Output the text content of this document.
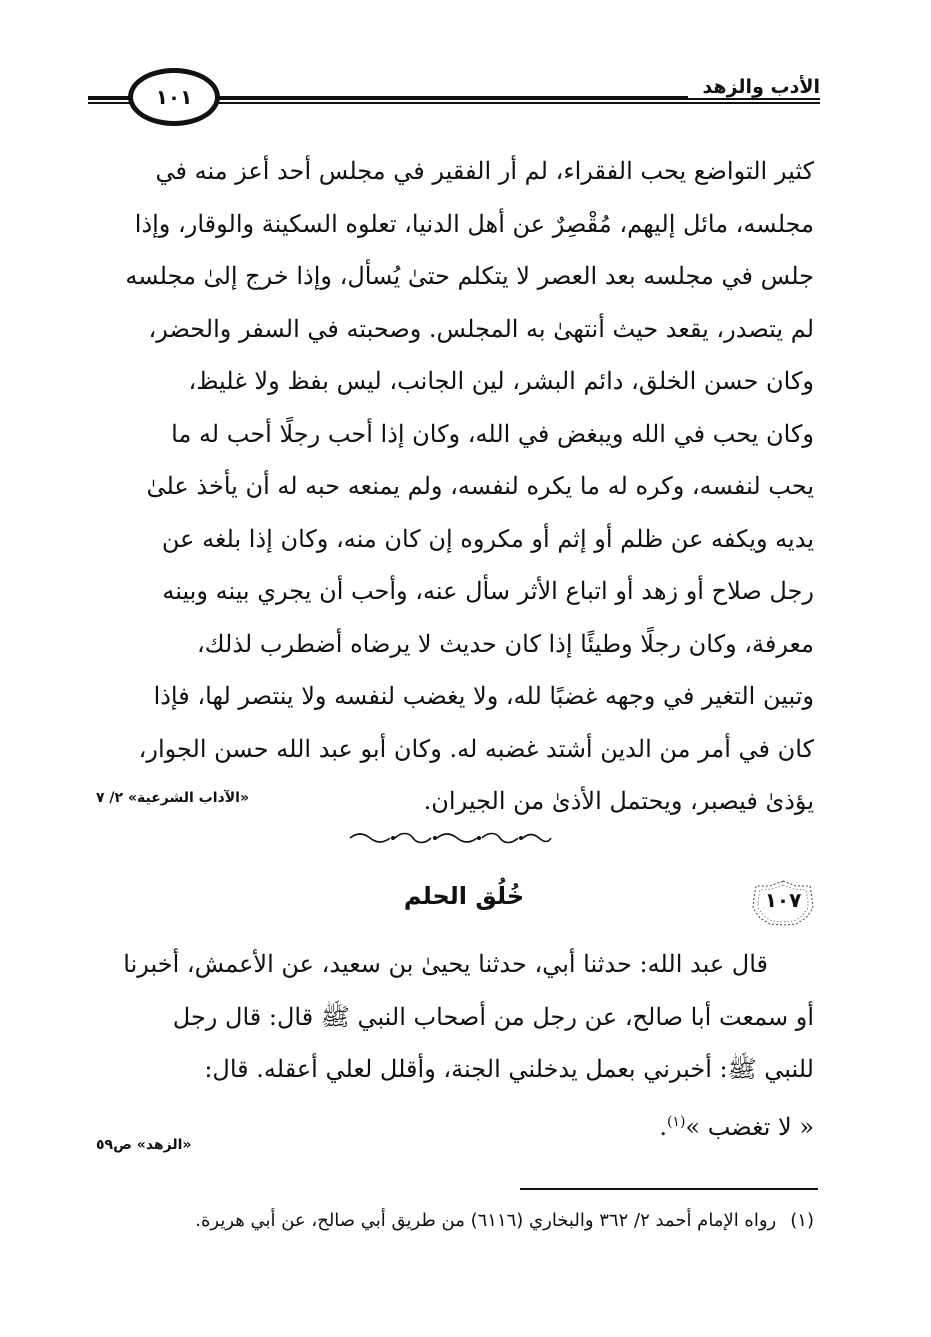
الأدب والزهد
١٠١
كثير التواضع يحب الفقراء، لم أر الفقير في مجلس أحد أعز منه في
مجلسه، مائل إليهم، مُقْصِرٌ عن أهل الدنيا، تعلوه السكينة والوقار، وإذا
جلس في مجلسه بعد العصر لا يتكلم حتىٰ يُسأل، وإذا خرج إلىٰ مجلسه
لم يتصدر، يقعد حيث أنتهىٰ به المجلس. وصحبته في السفر والحضر،
وكان حسن الخلق، دائم البشر، لين الجانب، ليس بفظ ولا غليظ،
وكان يحب في الله ويبغض في الله، وكان إذا أحب رجلًا أحب له ما
يحب لنفسه، وكره له ما يكره لنفسه، ولم يمنعه حبه له أن يأخذ علىٰ
يديه ويكفه عن ظلم أو إثم أو مكروه إن كان منه، وكان إذا بلغه عن
رجل صلاح أو زهد أو اتباع الأثر سأل عنه، وأحب أن يجري بينه وبينه
معرفة، وكان رجلًا وطيئًا إذا كان حديث لا يرضاه أضطرب لذلك،
وتبين التغير في وجهه غضبًا لله، ولا يغضب لنفسه ولا ينتصر لها، فإذا
كان في أمر من الدين أشتد غضبه له. وكان أبو عبد الله حسن الجوار،
يؤذىٰ فيصبر، ويحتمل الأذىٰ من الجيران.
«الآداب الشرعية» ٢/ ٧
١٠٧
خُلُق الحلم
قال عبد الله: حدثنا أبي، حدثنا يحيىٰ بن سعيد، عن الأعمش، أخبرنا
أو سمعت أبا صالح، عن رجل من أصحاب النبي ﷺ قال: قال رجل
للنبي ﷺ: أخبرني بعمل يدخلني الجنة، وأقلل لعلي أعقله. قال:
« لا تغضب »$^{(١)}$.
«الزهد» ص٥٩
(١)رواه الإمام أحمد ٢/ ٣٦٢ والبخاري (٦١١٦) من طريق أبي صالح، عن أبي هريرة.
